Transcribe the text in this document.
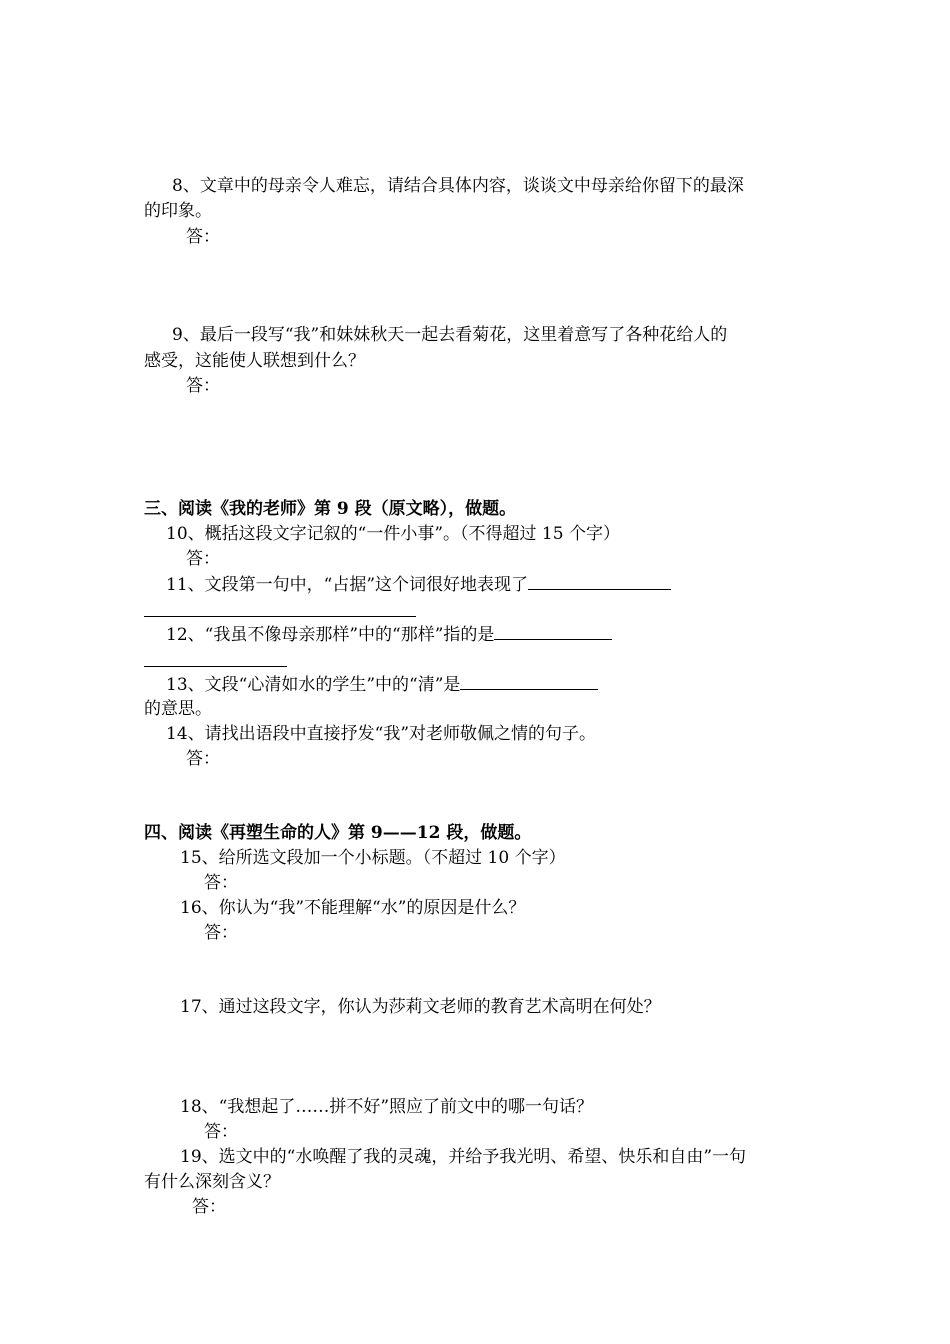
8、文章中的母亲令人难忘，请结合具体内容，谈谈文中母亲给你留下的最深
的印象。
答：
9、最后一段写“我”和妹妹秋天一起去看菊花，这里着意写了各种花给人的
感受，这能使人联想到什么？
答：
三、阅读《我的老师》第 9 段（原文略），做题。
10、概括这段文字记叙的“一件小事”。（不得超过 15 个字）
答：
11、文段第一句中，“占据”这个词很好地表现了
12、“我虽不像母亲那样”中的“那样”指的是
13、文段“心清如水的学生”中的“清”是
的意思。
14、请找出语段中直接抒发“我”对老师敬佩之情的句子。
答：
四、阅读《再塑生命的人》第 9——12 段，做题。
15、给所选文段加一个小标题。（不超过 10 个字）
答：
16、你认为“我”不能理解“水”的原因是什么？
答：
17、通过这段文字，你认为莎莉文老师的教育艺术高明在何处？
18、“我想起了……拼不好”照应了前文中的哪一句话？
答：
19、选文中的“水唤醒了我的灵魂，并给予我光明、希望、快乐和自由”一句
有什么深刻含义？
答：
